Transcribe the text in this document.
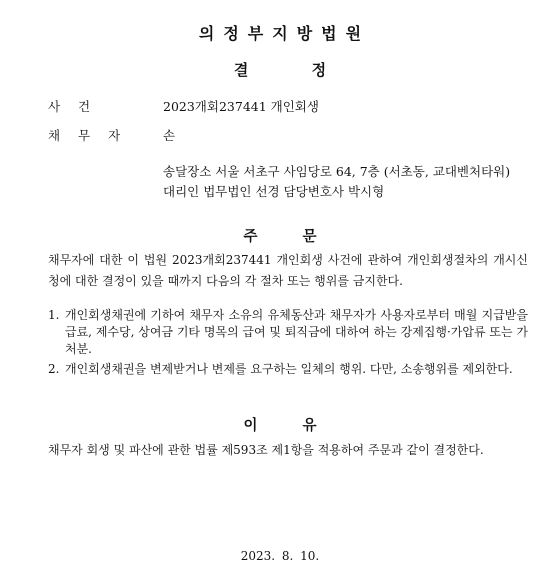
의정부지방법원
결 정
사 건	2023개회237441 개인회생
채 무 자	손
송달장소 서울 서초구 사임당로 64, 7층 (서초동, 교대벤처타워)
대리인 법무법인 선경 담당변호사 박시형
주 문
채무자에 대한 이 법원 2023개회237441 개인회생 사건에 관하여 개인회생절차의 개시신청에 대한 결정이 있을 때까지 다음의 각 절차 또는 행위를 금지한다.
1. 개인회생채권에 기하여 채무자 소유의 유체동산과 채무자가 사용자로부터 매월 지급받을 급료, 제수당, 상여금 기타 명목의 급여 및 퇴직금에 대하여 하는 강제집행·가압류 또는 가처분.
2. 개인회생채권을 변제받거나 변제를 요구하는 일체의 행위. 다만, 소송행위를 제외한다.
이 유
채무자 회생 및 파산에 관한 법률 제593조 제1항을 적용하여 주문과 같이 결정한다.
2023. 8. 10.
